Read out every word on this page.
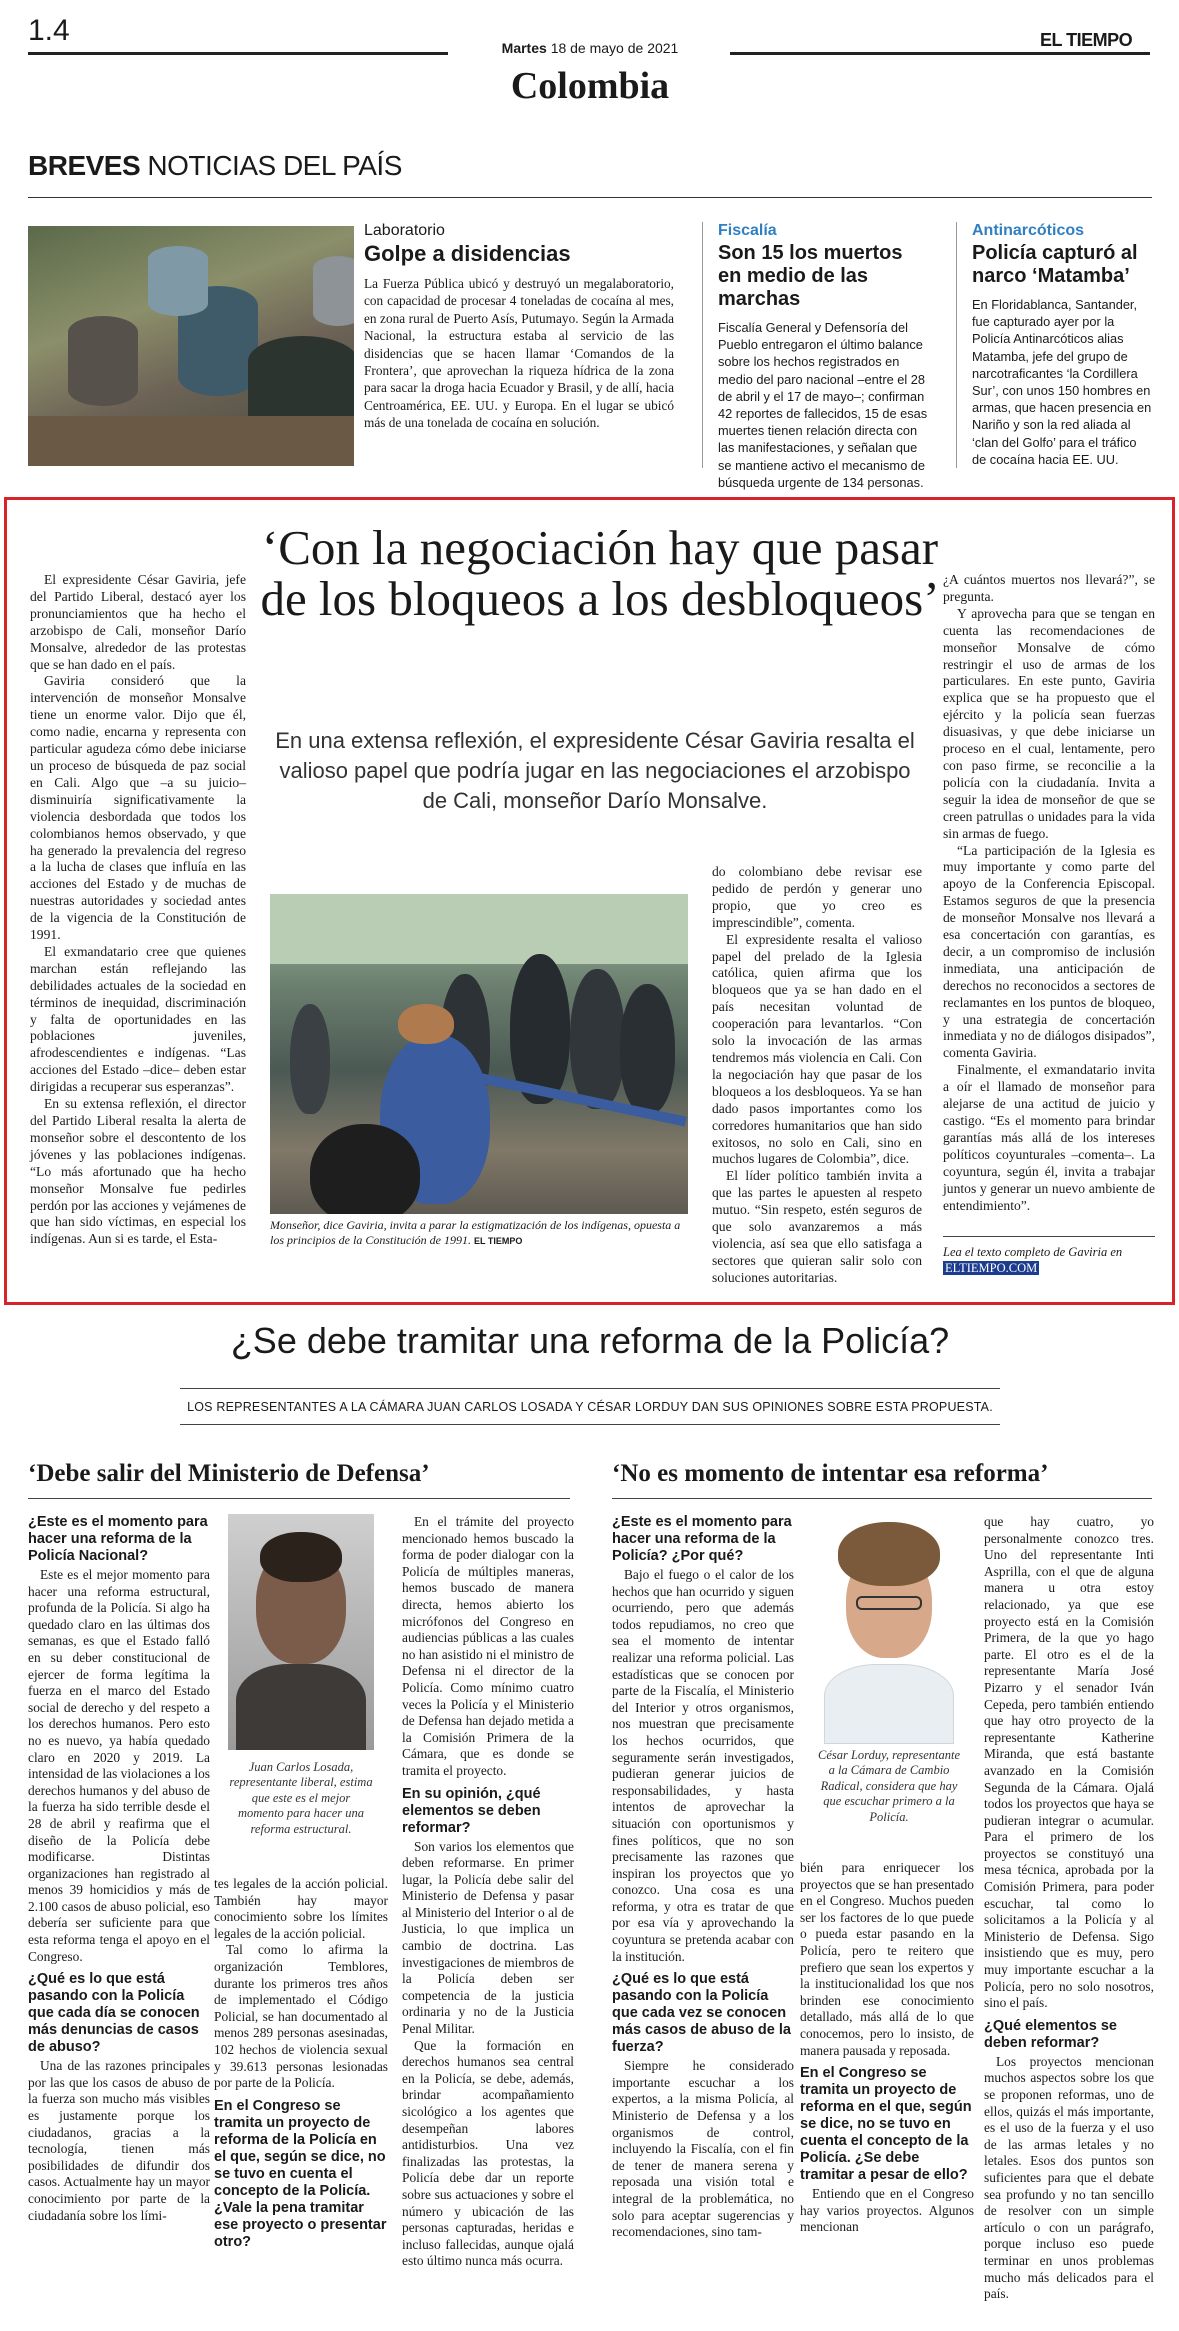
1.4
Martes 18 de mayo de 2021	EL TIEMPO
Colombia
BREVES NOTICIAS DEL PAÍS
Laboratorio
Golpe a disidencias
La Fuerza Pública ubicó y destruyó un megalaboratorio, con capacidad de procesar 4 toneladas de cocaína al mes, en zona rural de Puerto Asís, Putumayo. Según la Armada Nacional, la estructura estaba al servicio de las disidencias que se hacen llamar ‘Comandos de la Frontera’, que aprovechan la riqueza hídrica de la zona para sacar la droga hacia Ecuador y Brasil, y de allí, hacia Centroamérica, EE. UU. y Europa. En el lugar se ubicó más de una tonelada de cocaína en solución.
Fiscalía
Son 15 los muertos en medio de las marchas
Fiscalía General y Defensoría del Pueblo entregaron el último balance sobre los hechos registrados en medio del paro nacional –entre el 28 de abril y el 17 de mayo–; confirman 42 reportes de fallecidos, 15 de esas muertes tienen relación directa con las manifestaciones, y señalan que se mantiene activo el mecanismo de búsqueda urgente de 134 personas.
Antinarcóticos
Policía capturó al narco ‘Matamba’
En Floridablanca, Santander, fue capturado ayer por la Policía Antinarcóticos alias Matamba, jefe del grupo de narcotraficantes ‘la Cordillera Sur’, con unos 150 hombres en armas, que hacen presencia en Nariño y son la red aliada al ‘clan del Golfo’ para el tráfico de cocaína hacia EE. UU.
‘Con la negociación hay que pasar de los bloqueos a los desbloqueos’
En una extensa reflexión, el expresidente César Gaviria resalta el valioso papel que podría jugar en las negociaciones el arzobispo de Cali, monseñor Darío Monsalve.

El expresidente César Gaviria, jefe del Partido Liberal, destacó ayer los pronunciamientos que ha hecho el arzobispo de Cali, monseñor Darío Monsalve, alrededor de las protestas que se han dado en el país.

Gaviria consideró que la intervención de monseñor Monsalve tiene un enorme valor. Dijo que él, como nadie, encarna y representa con particular agudeza cómo debe iniciarse un proceso de búsqueda de paz social en Cali. Algo que –a su juicio– disminuiría significativamente la violencia desbordada que todos los colombianos hemos observado, y que ha generado la prevalencia del regreso a la lucha de clases que influía en las acciones del Estado y de muchas de nuestras autoridades y sociedad antes de la vigencia de la Constitución de 1991.

El exmandatario cree que quienes marchan están reflejando las debilidades actuales de la sociedad en términos de inequidad, discriminación y falta de oportunidades en las poblaciones juveniles, afrodescendientes e indígenas. “Las acciones del Estado –dice– deben estar dirigidas a recuperar sus esperanzas”.

En su extensa reflexión, el director del Partido Liberal resalta la alerta de monseñor sobre el descontento de los jóvenes y las poblaciones indígenas. “Lo más afortunado que ha hecho monseñor Monsalve fue pedirles perdón por las acciones y vejámenes de que han sido víctimas, en especial los indígenas. Aun si es tarde, el Esta-

Monseñor, dice Gaviria, invita a parar la estigmatización de los indígenas, opuesta a los principios de la Constitución de 1991. EL TIEMPO

do colombiano debe revisar ese pedido de perdón y generar uno propio, que yo creo es imprescindible”, comenta.

El expresidente resalta el valioso papel del prelado de la Iglesia católica, quien afirma que los bloqueos que ya se han dado en el país necesitan voluntad de cooperación para levantarlos. “Con solo la invocación de las armas tendremos más violencia en Cali. Con la negociación hay que pasar de los bloqueos a los desbloqueos. Ya se han dado pasos importantes como los corredores humanitarios que han sido exitosos, no solo en Cali, sino en muchos lugares de Colombia”, dice.

El líder político también invita a que las partes le apuesten al respeto mutuo. “Sin respeto, estén seguros de que solo avanzaremos a más violencia, así sea que ello satisfaga a sectores que quieran salir solo con soluciones autoritarias.

¿A cuántos muertos nos llevará?”, se pregunta.

Y aprovecha para que se tengan en cuenta las recomendaciones de monseñor Monsalve de cómo restringir el uso de armas de los particulares. En este punto, Gaviria explica que se ha propuesto que el ejército y la policía sean fuerzas disuasivas, y que debe iniciarse un proceso en el cual, lentamente, pero con paso firme, se reconcilie a la policía con la ciudadanía. Invita a seguir la idea de monseñor de que se creen patrullas o unidades para la vida sin armas de fuego.

“La participación de la Iglesia es muy importante y como parte del apoyo de la Conferencia Episcopal. Estamos seguros de que la presencia de monseñor Monsalve nos llevará a esa concertación con garantías, es decir, a un compromiso de inclusión inmediata, una anticipación de derechos no reconocidos a sectores de reclamantes en los puntos de bloqueo, y una estrategia de concertación inmediata y no de diálogos disipados”, comenta Gaviria.

Finalmente, el exmandatario invita a oír el llamado de monseñor para alejarse de una actitud de juicio y castigo. “Es el momento para brindar garantías más allá de los intereses políticos coyunturales –comenta–. La coyuntura, según él, invita a trabajar juntos y generar un nuevo ambiente de entendimiento”.

Lea el texto completo de Gaviria en ELTIEMPO.COM
¿Se debe tramitar una reforma de la Policía?
LOS REPRESENTANTES A LA CÁMARA JUAN CARLOS LOSADA Y CÉSAR LORDUY DAN SUS OPINIONES SOBRE ESTA PROPUESTA.
‘Debe salir del Ministerio de Defensa’
¿Este es el momento para hacer una reforma de la Policía Nacional?
Este es el mejor momento para hacer una reforma estructural, profunda de la Policía. Si algo ha quedado claro en las últimas dos semanas, es que el Estado falló en su deber constitucional de ejercer de forma legítima la fuerza en el marco del Estado social de derecho y del respeto a los derechos humanos. Pero esto no es nuevo, ya había quedado claro en 2020 y 2019. La intensidad de las violaciones a los derechos humanos y del abuso de la fuerza ha sido terrible desde el 28 de abril y reafirma que el diseño de la Policía debe modificarse. Distintas organizaciones han registrado al menos 39 homicidios y más de 2.100 casos de abuso policial, eso debería ser suficiente para que esta reforma tenga el apoyo en el Congreso.
¿Qué es lo que está pasando con la Policía que cada día se conocen más denuncias de casos de abuso?
Una de las razones principales por las que los casos de abuso de la fuerza son mucho más visibles es justamente porque los ciudadanos, gracias a la tecnología, tienen más posibilidades de difundir dos casos. Actualmente hay un mayor conocimiento por parte de la ciudadanía sobre los lími-
Juan Carlos Losada, representante liberal, estima que este es el mejor momento para hacer una reforma estructural.
tes legales de la acción policial. También hay mayor conocimiento sobre los límites legales de la acción policial.
Tal como lo afirma la organización Temblores, durante los primeros tres años de implementado el Código Policial, se han documentado al menos 289 personas asesinadas, 102 hechos de violencia sexual y 39.613 personas lesionadas por parte de la Policía.
En el Congreso se tramita un proyecto de reforma de la Policía en el que, según se dice, no se tuvo en cuenta el concepto de la Policía. ¿Vale la pena tramitar ese proyecto o presentar otro?
En el trámite del proyecto mencionado hemos buscado la forma de poder dialogar con la Policía de múltiples maneras, hemos buscado de manera directa, hemos abierto los micrófonos del Congreso en audiencias públicas a las cuales no han asistido ni el ministro de Defensa ni el director de la Policía. Como mínimo cuatro veces la Policía y el Ministerio de Defensa han dejado metida a la Comisión Primera de la Cámara, que es donde se tramita el proyecto.
En su opinión, ¿qué elementos se deben reformar?
Son varios los elementos que deben reformarse. En primer lugar, la Policía debe salir del Ministerio de Defensa y pasar al Ministerio del Interior o al de Justicia, lo que implica un cambio de doctrina. Las investigaciones de miembros de la Policía deben ser competencia de la justicia ordinaria y no de la Justicia Penal Militar.
Que la formación en derechos humanos sea central en la Policía, se debe, además, brindar acompañamiento sicológico a los agentes que desempeñan labores antidisturbios. Una vez finalizadas las protestas, la Policía debe dar un reporte sobre sus actuaciones y sobre el número y ubicación de las personas capturadas, heridas e incluso fallecidas, aunque ojalá esto último nunca más ocurra.
‘No es momento de intentar esa reforma’
¿Este es el momento para hacer una reforma de la Policía? ¿Por qué?
Bajo el fuego o el calor de los hechos que han ocurrido y siguen ocurriendo, pero que además todos repudiamos, no creo que sea el momento de intentar realizar una reforma policial. Las estadísticas que se conocen por parte de la Fiscalía, el Ministerio del Interior y otros organismos, nos muestran que precisamente los hechos ocurridos, que seguramente serán investigados, pudieran generar juicios de responsabilidades, y hasta intentos de aprovechar la situación con oportunismos y fines políticos, que no son precisamente las razones que inspiran los proyectos que yo conozco. Una cosa es una reforma, y otra es tratar de que por esa vía y aprovechando la coyuntura se pretenda acabar con la institución.
¿Qué es lo que está pasando con la Policía que cada vez se conocen más casos de abuso de la fuerza?
Siempre he considerado importante escuchar a los expertos, a la misma Policía, al Ministerio de Defensa y a los organismos de control, incluyendo la Fiscalía, con el fin de tener de manera serena y reposada una visión total e integral de la problemática, no solo para aceptar sugerencias y recomendaciones, sino tam-
César Lorduy, representante a la Cámara de Cambio Radical, considera que hay que escuchar primero a la Policía.
bién para enriquecer los proyectos que se han presentado en el Congreso. Muchos pueden ser los factores de lo que puede o pueda estar pasando en la Policía, pero te reitero que prefiero que sean los expertos y la institucionalidad los que nos brinden ese conocimiento detallado, más allá de lo que conocemos, pero lo insisto, de manera pausada y reposada.
En el Congreso se tramita un proyecto de reforma en el que, según se dice, no se tuvo en cuenta el concepto de la Policía. ¿Se debe tramitar a pesar de ello?
Entiendo que en el Congreso hay varios proyectos. Algunos mencionan
que hay cuatro, yo personalmente conozco tres. Uno del representante Inti Asprilla, con el que de alguna manera u otra estoy relacionado, ya que ese proyecto está en la Comisión Primera, de la que yo hago parte. El otro es el de la representante María José Pizarro y el senador Iván Cepeda, pero también entiendo que hay otro proyecto de la representante Katherine Miranda, que está bastante avanzado en la Comisión Segunda de la Cámara. Ojalá todos los proyectos que haya se pudieran integrar o acumular. Para el primero de los proyectos se constituyó una mesa técnica, aprobada por la Comisión Primera, para poder escuchar, tal como lo solicitamos a la Policía y al Ministerio de Defensa. Sigo insistiendo que es muy, pero muy importante escuchar a la Policía, pero no solo nosotros, sino el país.
¿Qué elementos se deben reformar?
Los proyectos mencionan muchos aspectos sobre los que se proponen reformas, uno de ellos, quizás el más importante, es el uso de la fuerza y el uso de las armas letales y no letales. Esos dos puntos son suficientes para que el debate sea profundo y no tan sencillo de resolver con un simple artículo o con un parágrafo, porque incluso eso puede terminar en unos problemas mucho más delicados para el país.
